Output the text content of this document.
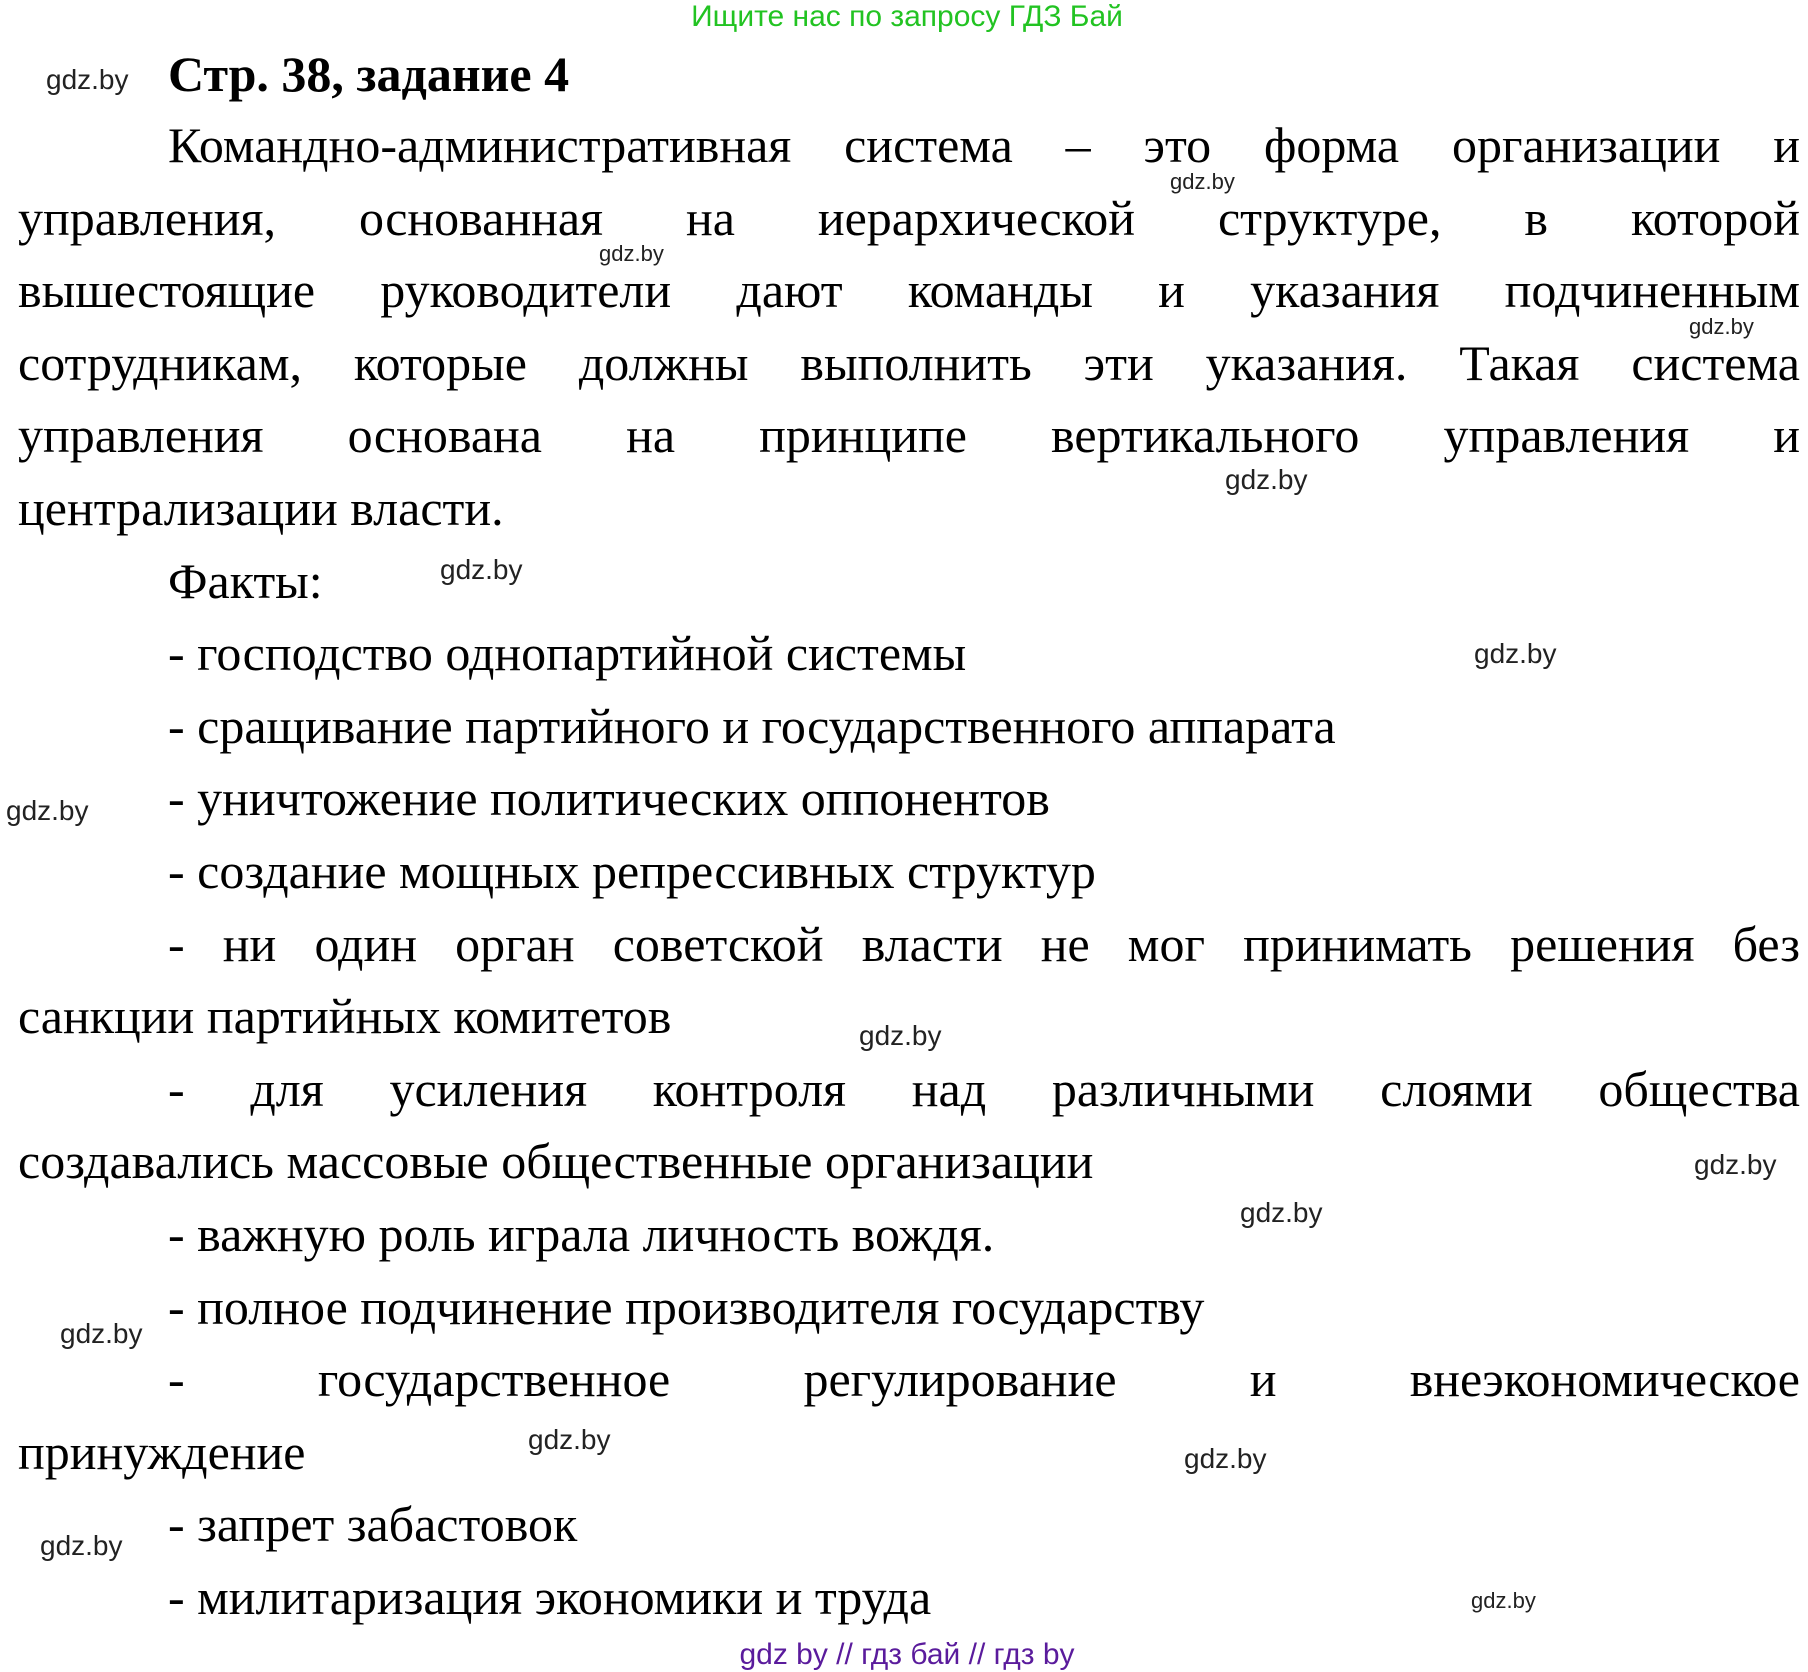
Ищите нас по запросу ГДЗ Бай
Стр. 38, задание 4
Командно-административная система – это форма организации и
управления, основанная на иерархической структуре, в которой
вышестоящие руководители дают команды и указания подчиненным
сотрудникам, которые должны выполнить эти указания. Такая система
управления основана на принципе вертикального управления и
централизации власти.
Факты:
- господство однопартийной системы
- сращивание партийного и государственного аппарата
- уничтожение политических оппонентов
- создание мощных репрессивных структур
- ни один орган советской власти не мог принимать решения без
санкции партийных комитетов
- для усиления контроля над различными слоями общества
создавались массовые общественные организации
- важную роль играла личность вождя.
- полное подчинение производителя государству
- государственное регулирование и внеэкономическое
принуждение
- запрет забастовок
- милитаризация экономики и труда
gdz.by
gdz.by
gdz.by
gdz.by
gdz.by
gdz.by
gdz.by
gdz.by
gdz.by
gdz.by
gdz.by
gdz.by
gdz.by
gdz.by
gdz.by
gdz.by
gdz by // гдз бай // гдз by
